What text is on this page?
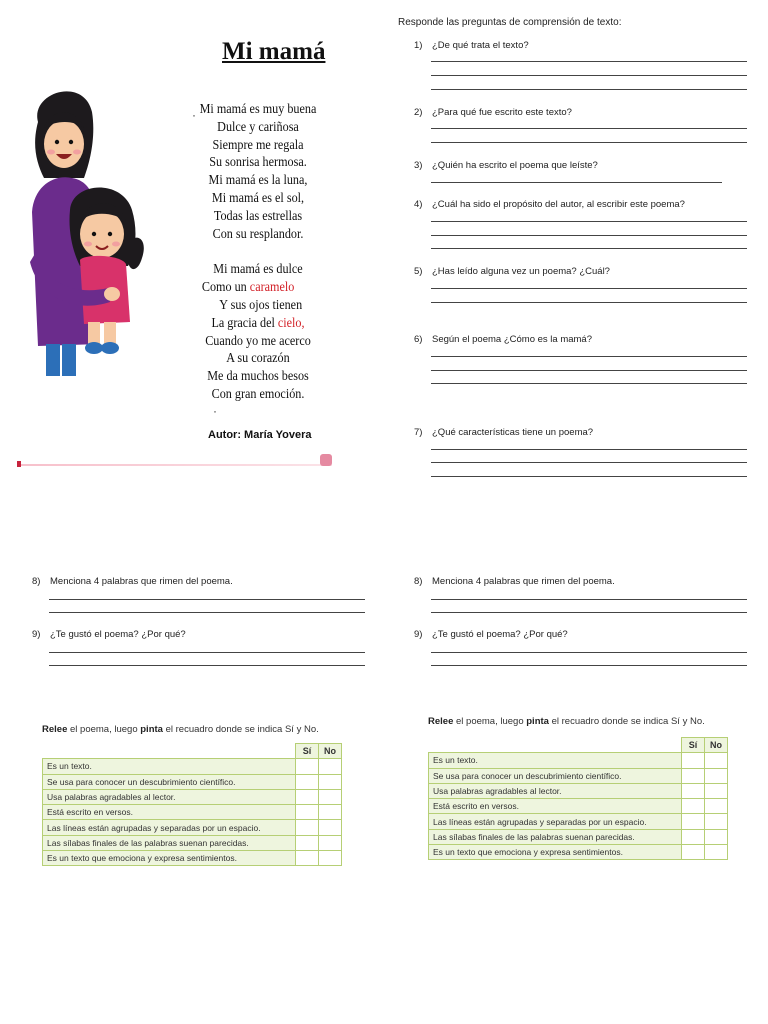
Mi mamá
Mi mamá es muy buena
Dulce y cariñosa
Siempre me regala
Su sonrisa hermosa.
Mi mamá es la luna,
Mi mamá es el sol,
Todas las estrellas
Con su resplandor.
Mi mamá es dulce
Como un caramelo
Y sus ojos tienen
La gracia del cielo,
Cuando yo me acerco
A su corazón
Me da muchos besos
Con gran emoción.
·
·
Autor: María Yovera
Responde las preguntas de comprensión de texto:
1) ¿De qué trata el texto?
2) ¿Para qué fue escrito este texto?
3) ¿Quién ha escrito el poema que leíste?
4) ¿Cuál ha sido el propósito del autor, al escribir este poema?
5) ¿Has leído alguna vez un poema? ¿Cuál?
6) Según el poema ¿Cómo es la mamá?
7) ¿Qué características tiene un poema?
8) Menciona 4 palabras que rimen del poema.
9) ¿Te gustó el poema? ¿Por qué?
8) Menciona 4 palabras que rimen del poema.
9) ¿Te gustó el poema? ¿Por qué?
Relee el poema, luego pinta el recuadro donde se indica Sí y No.
	Sí	No
Es un texto.		
Se usa para conocer un descubrimiento científico.		
Usa palabras agradables al lector.		
Está escrito en versos.		
Las líneas están agrupadas y separadas por un espacio.		
Las sílabas finales de las palabras suenan parecidas.		
Es un texto que emociona y expresa sentimientos.		
Relee el poema, luego pinta el recuadro donde se indica Sí y No.
	Sí	No
Es un texto.		
Se usa para conocer un descubrimiento científico.		
Usa palabras agradables al lector.		
Está escrito en versos.		
Las líneas están agrupadas y separadas por un espacio.		
Las sílabas finales de las palabras suenan parecidas.		
Es un texto que emociona y expresa sentimientos.		
